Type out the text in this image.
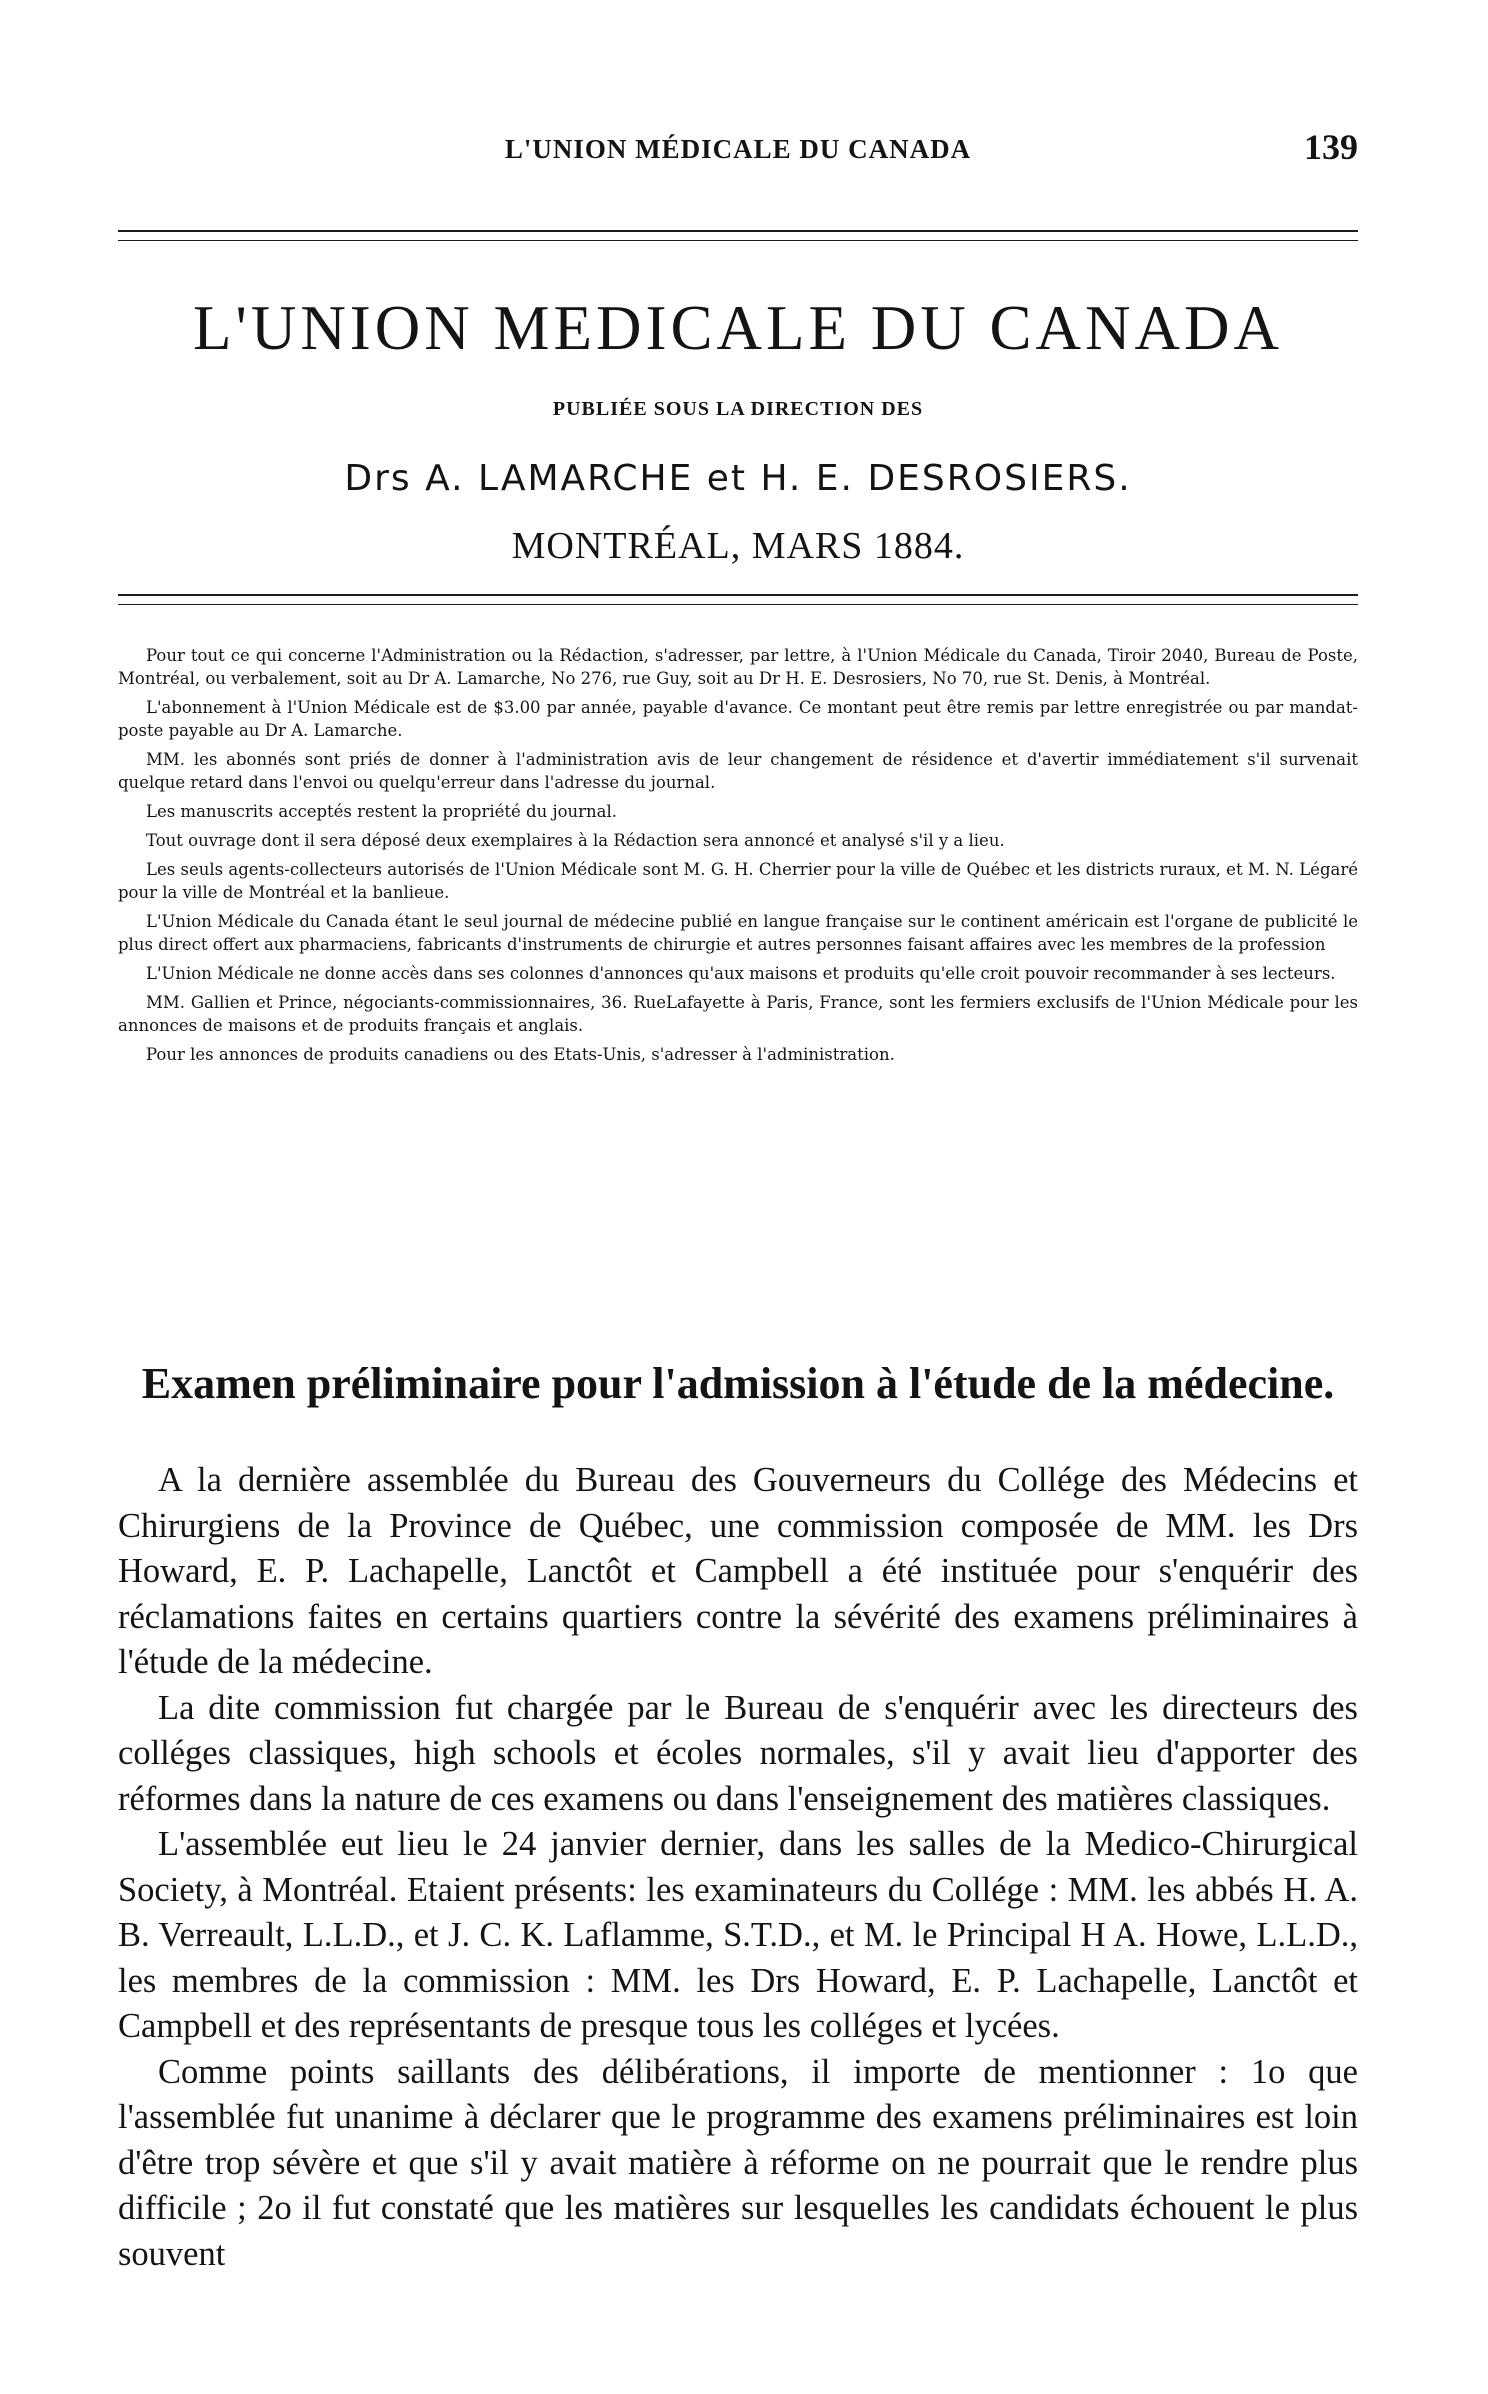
L'UNION MÉDICALE DU CANADA	139
L'UNION MEDICALE DU CANADA
PUBLIÉE SOUS LA DIRECTION DES
Drs A. LAMARCHE et H. E. DESROSIERS.
MONTRÉAL, MARS 1884.

Pour tout ce qui concerne l'Administration ou la Rédaction, s'adresser, par lettre, à l'Union Médicale du Canada, Tiroir 2040, Bureau de Poste, Montréal, ou verbalement, soit au Dr A. Lamarche, No 276, rue Guy, soit au Dr H. E. Desrosiers, No 70, rue St. Denis, à Montréal.

L'abonnement à l'Union Médicale est de $3.00 par année, payable d'avance. Ce montant peut être remis par lettre enregistrée ou par mandat-poste payable au Dr A. Lamarche.

MM. les abonnés sont priés de donner à l'administration avis de leur changement de résidence et d'avertir immédiatement s'il survenait quelque retard dans l'envoi ou quelqu'erreur dans l'adresse du journal.

Les manuscrits acceptés restent la propriété du journal.

Tout ouvrage dont il sera déposé deux exemplaires à la Rédaction sera annoncé et analysé s'il y a lieu.

Les seuls agents-collecteurs autorisés de l'Union Médicale sont M. G. H. Cherrier pour la ville de Québec et les districts ruraux, et M. N. Légaré pour la ville de Montréal et la banlieue.

L'Union Médicale du Canada étant le seul journal de médecine publié en langue française sur le continent américain est l'organe de publicité le plus direct offert aux pharmaciens, fabricants d'instruments de chirurgie et autres personnes faisant affaires avec les membres de la profession

L'Union Médicale ne donne accès dans ses colonnes d'annonces qu'aux maisons et produits qu'elle croit pouvoir recommander à ses lecteurs.

MM. Gallien et Prince, négociants-commissionnaires, 36. RueLafayette à Paris, France, sont les fermiers exclusifs de l'Union Médicale pour les annonces de maisons et de produits français et anglais.

Pour les annonces de produits canadiens ou des Etats-Unis, s'adresser à l'administration.

Examen préliminaire pour l'admission à l'étude de la médecine.

A la dernière assemblée du Bureau des Gouverneurs du Collége des Médecins et Chirurgiens de la Province de Québec, une commission composée de MM. les Drs Howard, E. P. Lachapelle, Lanctôt et Campbell a été instituée pour s'enquérir des réclamations faites en certains quartiers contre la sévérité des examens préliminaires à l'étude de la médecine.

La dite commission fut chargée par le Bureau de s'enquérir avec les directeurs des colléges classiques, high schools et écoles normales, s'il y avait lieu d'apporter des réformes dans la nature de ces examens ou dans l'enseignement des matières classiques.

L'assemblée eut lieu le 24 janvier dernier, dans les salles de la Medico-Chirurgical Society, à Montréal. Etaient présents: les examinateurs du Collége : MM. les abbés H. A. B. Verreault, L.L.D., et J. C. K. Laflamme, S.T.D., et M. le Principal H A. Howe, L.L.D., les membres de la commission : MM. les Drs Howard, E. P. Lachapelle, Lanctôt et Campbell et des représentants de presque tous les colléges et lycées.

Comme points saillants des délibérations, il importe de mentionner : 1o que l'assemblée fut unanime à déclarer que le programme des examens préliminaires est loin d'être trop sévère et que s'il y avait matière à réforme on ne pourrait que le rendre plus difficile ; 2o il fut constaté que les matières sur lesquelles les candidats échouent le plus souvent
